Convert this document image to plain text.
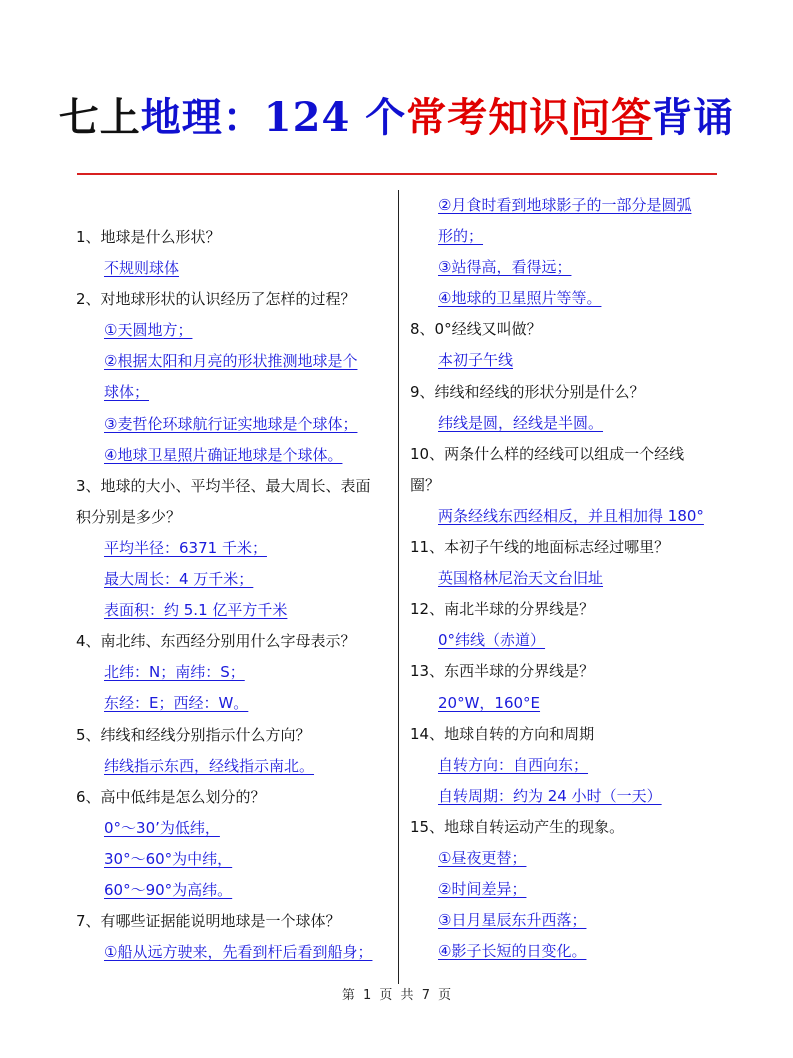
七上地理：124 个常考知识问答背诵
1、地球是什么形状？
不规则球体
2、对地球形状的认识经历了怎样的过程？
①天圆地方；
②根据太阳和月亮的形状推测地球是个
球体；
③麦哲伦环球航行证实地球是个球体；
④地球卫星照片确证地球是个球体。
3、地球的大小、平均半径、最大周长、表面
积分别是多少？
平均半径：6371 千米；
最大周长：4 万千米；
表面积：约 5.1 亿平方千米
4、南北纬、东西经分别用什么字母表示？
北纬：N；南纬：S；
东经：E；西经：W。
5、纬线和经线分别指示什么方向？
纬线指示东西，经线指示南北。
6、高中低纬是怎么划分的？
0°～30’为低纬，
30°～60°为中纬，
60°～90°为高纬。
7、有哪些证据能说明地球是一个球体？
①船从远方驶来，先看到杆后看到船身；
②月食时看到地球影子的一部分是圆弧
形的；
③站得高，看得远；
④地球的卫星照片等等。
8、0°经线又叫做？
本初子午线
9、纬线和经线的形状分别是什么？
纬线是圆，经线是半圆。
10、两条什么样的经线可以组成一个经线
圈？
两条经线东西经相反，并且相加得 180°
11、本初子午线的地面标志经过哪里？
英国格林尼治天文台旧址
12、南北半球的分界线是？
0°纬线（赤道）
13、东西半球的分界线是？
20°W，160°E
14、地球自转的方向和周期
自转方向：自西向东；
自转周期：约为 24 小时（一天）
15、地球自转运动产生的现象。
①昼夜更替；
②时间差异；
③日月星辰东升西落；
④影子长短的日变化。
第 1 页 共 7 页
